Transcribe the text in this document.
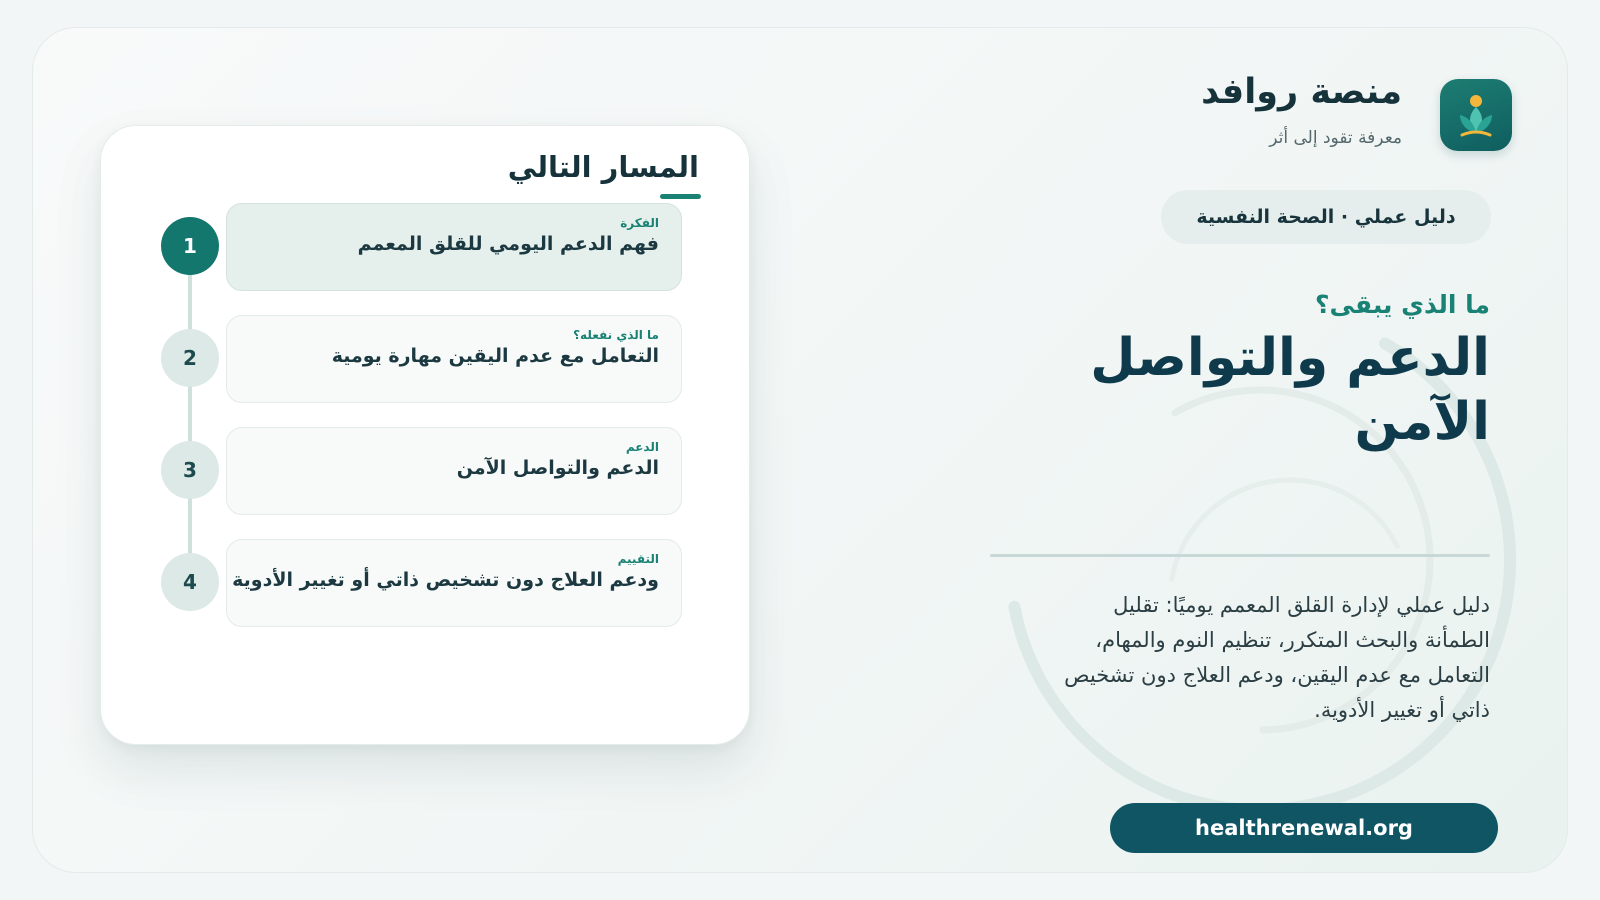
منصة روافد
معرفة تقود إلى أثر
دليل عملي · الصحة النفسية
ما الذي يبقى؟
الدعم والتواصل الآمن
دليل عملي لإدارة القلق المعمم يوميًا: تقليل الطمأنة والبحث المتكرر، تنظيم النوم والمهام، التعامل مع عدم اليقين، ودعم العلاج دون تشخيص ذاتي أو تغيير الأدوية.
healthrenewal.org
المسار التالي
1
الفكرة
فهم الدعم اليومي للقلق المعمم
2
ما الذي نفعله؟
التعامل مع عدم اليقين مهارة يومية
3
الدعم
الدعم والتواصل الآمن
4
التقييم
ودعم العلاج دون تشخيص ذاتي أو تغيير الأدوية
